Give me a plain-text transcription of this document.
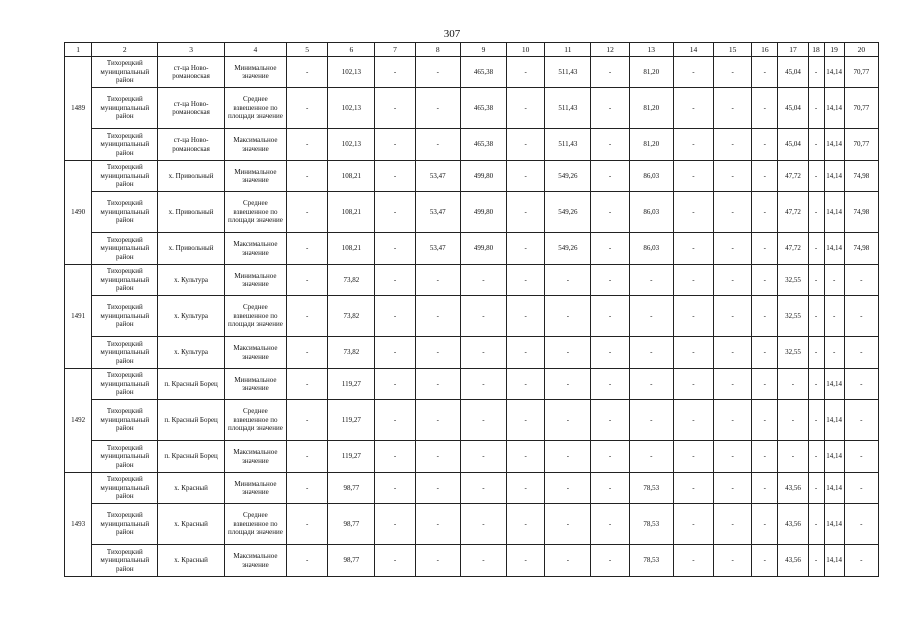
307
1	2	3	4	5	6	7	8	9	10	11	12	13	14	15	16	17	18	19	20
1489	Тихорецкий муниципальный район	ст-ца Ново-романовская	Минимальное значение	-	102,13	-	-	465,38	-	511,43	-	81,20	-	-	-	45,04	-	14,14	70,77
	Тихорецкий муниципальный район	ст-ца Ново-романовская	Среднее взвешенное по площади значение	-	102,13	-	-	465,38	-	511,43	-	81,20	-	-	-	45,04	-	14,14	70,77
	Тихорецкий муниципальный район	ст-ца Ново-романовская	Максимальное значение	-	102,13	-	-	465,38	-	511,43	-	81,20	-	-	-	45,04	-	14,14	70,77
1490	Тихорецкий муниципальный район	х. Привольный	Минимальное значение	-	108,21	-	53,47	499,80	-	549,26	-	86,03	-	-	-	47,72	-	14,14	74,98
	Тихорецкий муниципальный район	х. Привольный	Среднее взвешенное по площади значение	-	108,21	-	53,47	499,80	-	549,26	-	86,03	-	-	-	47,72	-	14,14	74,98
	Тихорецкий муниципальный район	х. Привольный	Максимальное значение	-	108,21	-	53,47	499,80	-	549,26	-	86,03	-	-	-	47,72	-	14,14	74,98
1491	Тихорецкий муниципальный район	х. Культура	Минимальное значение	-	73,82	-	-	-	-	-	-	-	-	-	-	32,55	-	-	-
	Тихорецкий муниципальный район	х. Культура	Среднее взвешенное по площади значение	-	73,82	-	-	-	-	-	-	-	-	-	-	32,55	-	-	-
	Тихорецкий муниципальный район	х. Культура	Максимальное значение	-	73,82	-	-	-	-	-	-	-	-	-	-	32,55	-	-	-
1492	Тихорецкий муниципальный район	п. Красный Борец	Минимальное значение	-	119,27	-	-	-	-	-	-	-	-	-	-	-	-	14,14	-
	Тихорецкий муниципальный район	п. Красный Борец	Среднее взвешенное по площади значение	-	119,27	-	-	-	-	-	-	-	-	-	-	-	-	14,14	-
	Тихорецкий муниципальный район	п. Красный Борец	Максимальное значение	-	119,27	-	-	-	-	-	-	-	-	-	-	-	-	14,14	-
1493	Тихорецкий муниципальный район	х. Красный	Минимальное значение	-	98,77	-	-	-	-	-	-	78,53	-	-	-	43,56	-	14,14	-
	Тихорецкий муниципальный район	х. Красный	Среднее взвешенное по площади значение	-	98,77	-	-	-	-	-	-	78,53	-	-	-	43,56	-	14,14	-
	Тихорецкий муниципальный район	х. Красный	Максимальное значение	-	98,77	-	-	-	-	-	-	78,53	-	-	-	43,56	-	14,14	-
